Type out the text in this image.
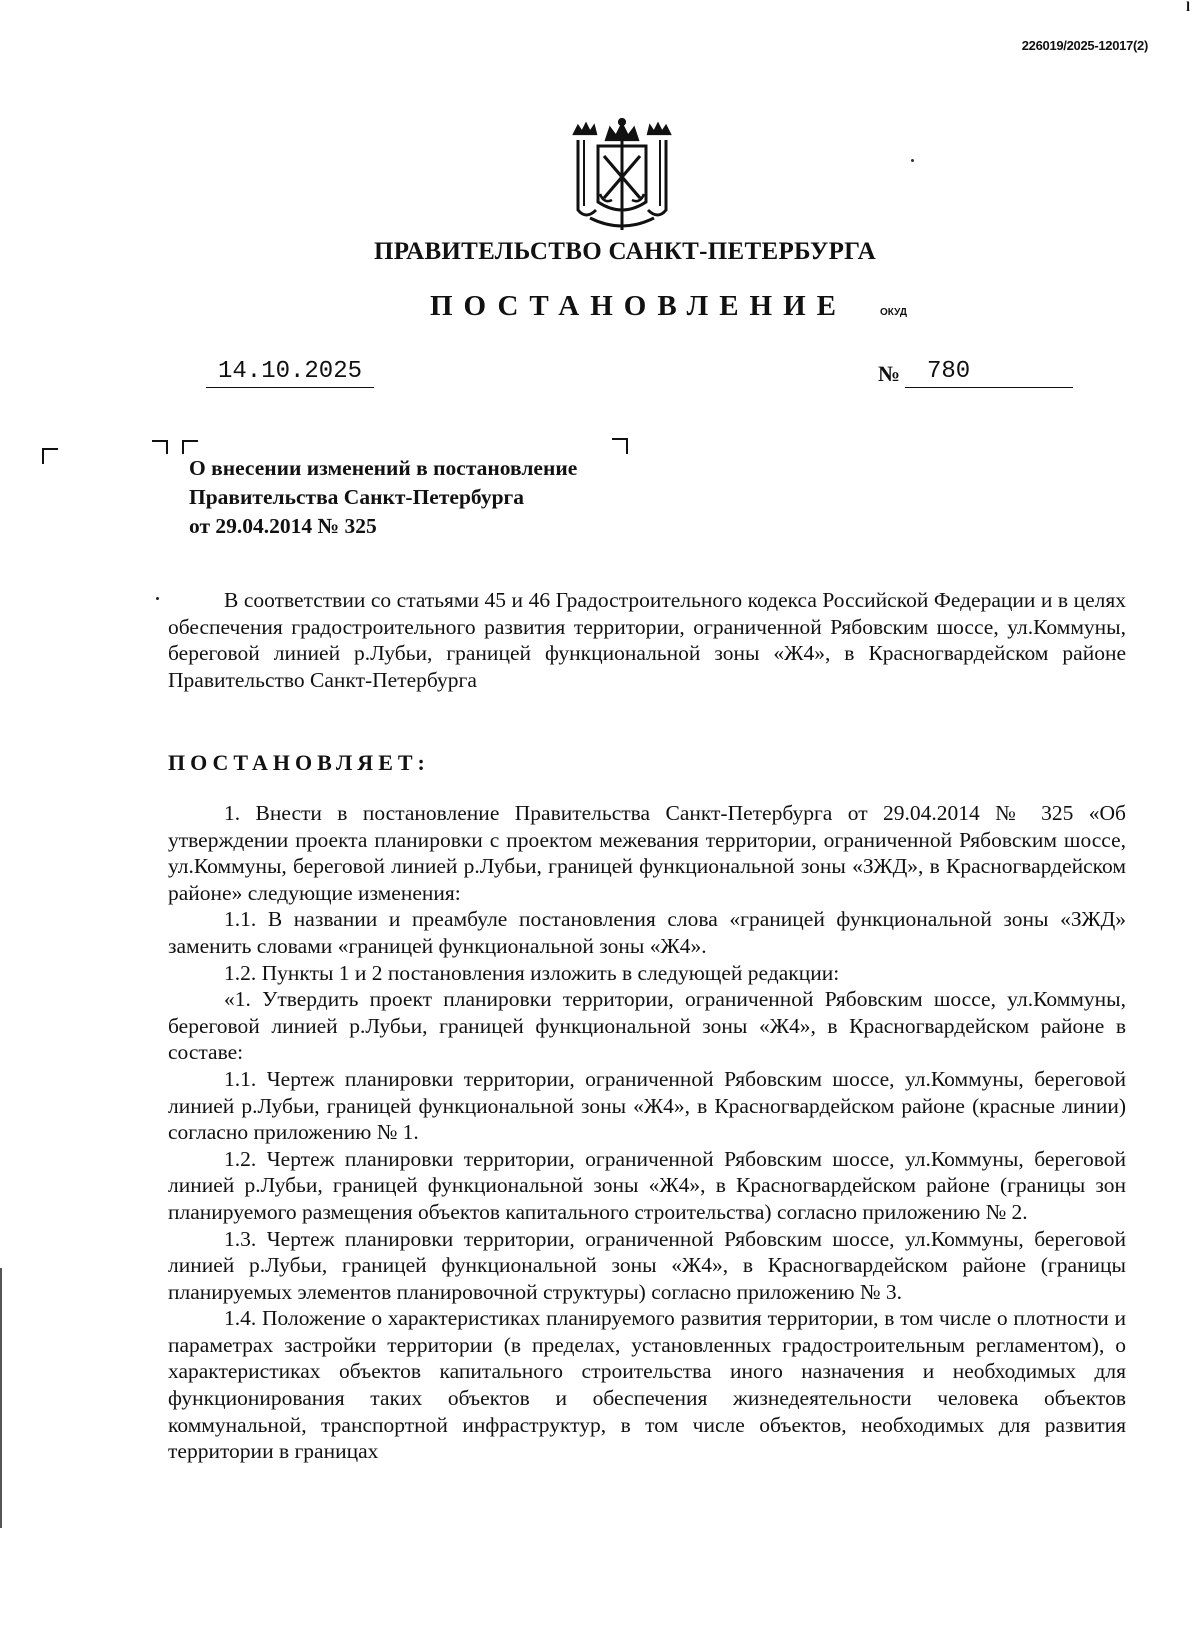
226019/2025-12017(2)
l
ПРАВИТЕЛЬСТВО САНКТ-ПЕТЕРБУРГА
ПОСТАНОВЛЕНИЕ	ОКУД
14.10.2025	№	780
О внесении изменений в постановление
Правительства Санкт-Петербурга
от 29.04.2014 № 325

В соответствии со статьями 45 и 46 Градостроительного кодекса Российской Федерации и в целях обеспечения градостроительного развития территории, ограниченной Рябовским шоссе, ул.Коммуны, береговой линией р.Лубьи, границей функциональной зоны «Ж4», в Красногвардейском районе Правительство Санкт-Петербурга

ПОСТАНОВЛЯЕТ:

1. Внести в постановление Правительства Санкт-Петербурга от 29.04.2014 № 325 «Об утверждении проекта планировки с проектом межевания территории, ограниченной Рябовским шоссе, ул.Коммуны, береговой линией р.Лубьи, границей функциональной зоны «ЗЖД», в Красногвардейском районе» следующие изменения:

1.1. В названии и преамбуле постановления слова «границей функциональной зоны «ЗЖД» заменить словами «границей функциональной зоны «Ж4».

1.2. Пункты 1 и 2 постановления изложить в следующей редакции:

«1. Утвердить проект планировки территории, ограниченной Рябовским шоссе, ул.Коммуны, береговой линией р.Лубьи, границей функциональной зоны «Ж4», в Красногвардейском районе в составе:

1.1. Чертеж планировки территории, ограниченной Рябовским шоссе, ул.Коммуны, береговой линией р.Лубьи, границей функциональной зоны «Ж4», в Красногвардейском районе (красные линии) согласно приложению № 1.

1.2. Чертеж планировки территории, ограниченной Рябовским шоссе, ул.Коммуны, береговой линией р.Лубьи, границей функциональной зоны «Ж4», в Красногвардейском районе (границы зон планируемого размещения объектов капитального строительства) согласно приложению № 2.

1.3. Чертеж планировки территории, ограниченной Рябовским шоссе, ул.Коммуны, береговой линией р.Лубьи, границей функциональной зоны «Ж4», в Красногвардейском районе (границы планируемых элементов планировочной структуры) согласно приложению № 3.

1.4. Положение о характеристиках планируемого развития территории, в том числе о плотности и параметрах застройки территории (в пределах, установленных градостроительным регламентом), о характеристиках объектов капитального строительства иного назначения и необходимых для функционирования таких объектов и обеспечения жизнедеятельности человека объектов коммунальной, транспортной инфраструктур, в том числе объектов, необходимых для развития территории в границах
